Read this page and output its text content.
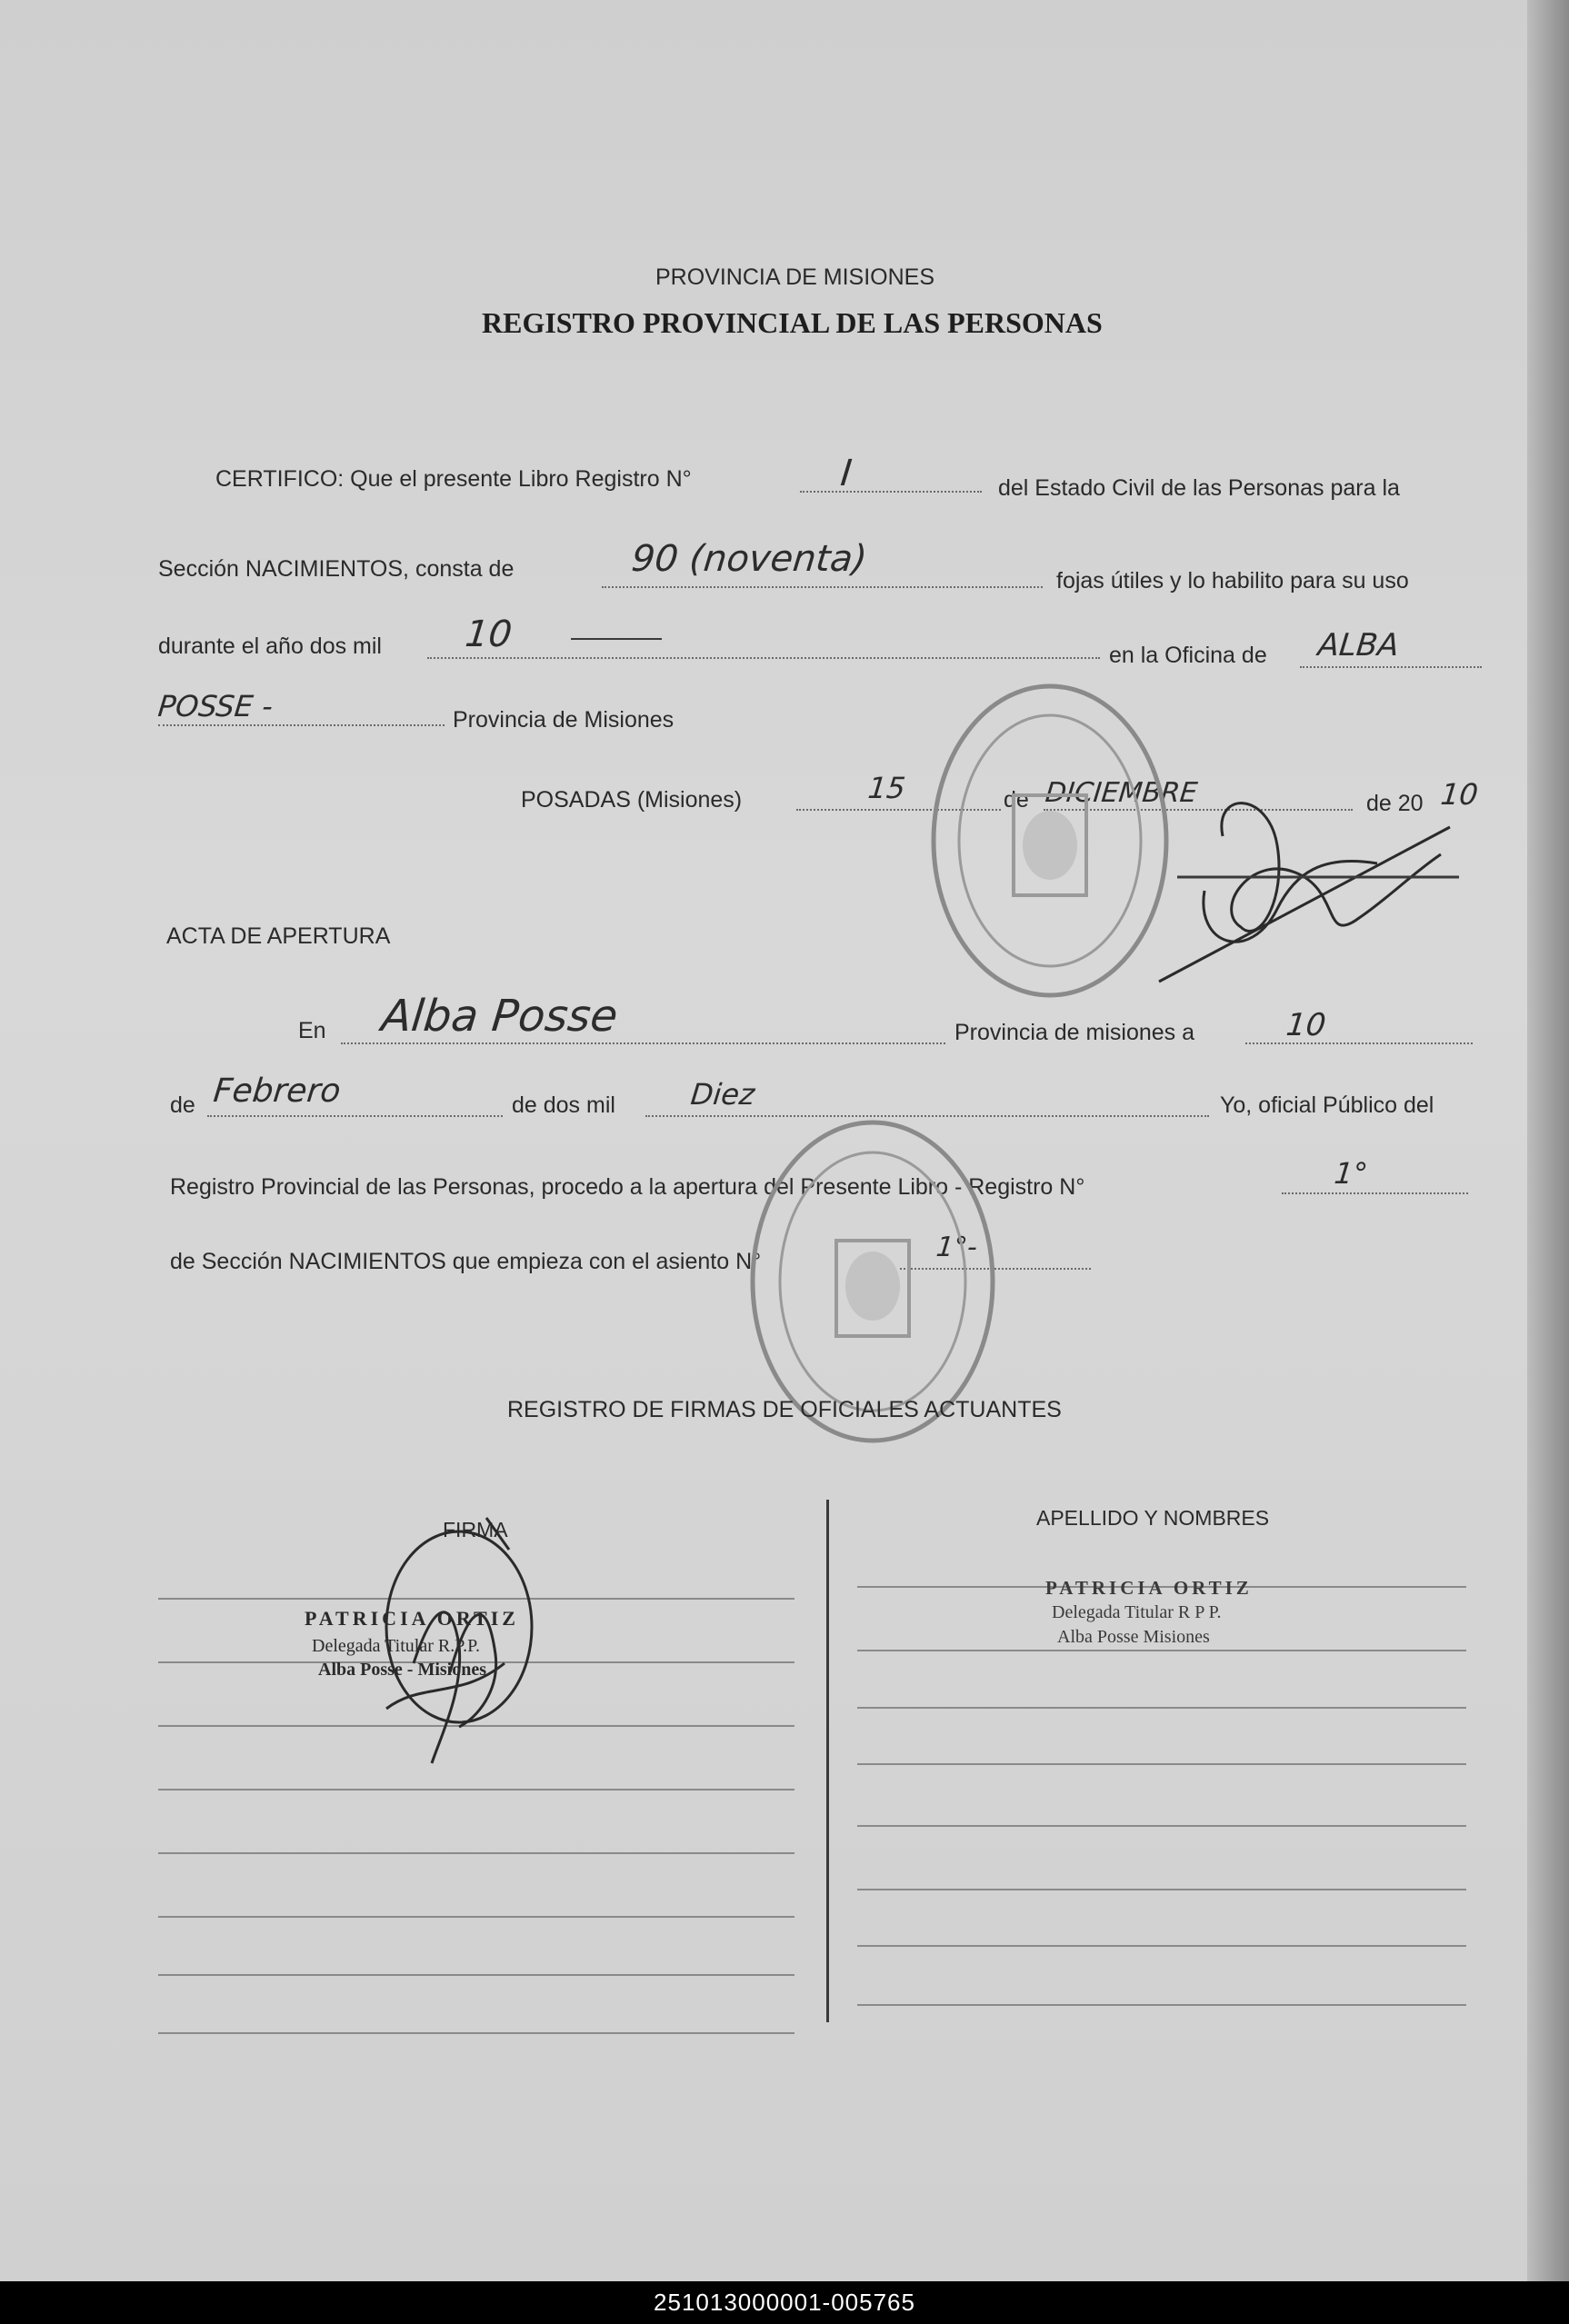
PROVINCIA DE MISIONES
REGISTRO PROVINCIAL DE LAS PERSONAS
CERTIFICO: Que el presente Libro Registro N°	I	del Estado Civil de las Personas para la
Sección NACIMIENTOS, consta de	90 (noventa)
fojas útiles y lo habilito para su uso
durante el año dos mil 10	en la Oficina de ALBA
POSSE -	Provincia de Misiones
POSADAS (Misiones)	15	de DICIEMBRE	de 20 10
ACTA DE APERTURA
En Alba Posse	Provincia de misiones a	10
de Febrero	de dos mil	Diez	Yo, oficial Público del
Registro Provincial de las Personas, procedo a la apertura del Presente Libro - Registro N°	1°
de Sección NACIMIENTOS que empieza con el asiento N°	1°-
REGISTRO DE FIRMAS DE OFICIALES ACTUANTES
FIRMA	APELLIDO Y NOMBRES
PATRICIA ORTIZ
Delegada Titular R.P.P.
Alba Posse - Misiones
PATRICIA ORTIZ
Delegada Titular R P P.
Alba Posse Misiones
251013000001-005765
